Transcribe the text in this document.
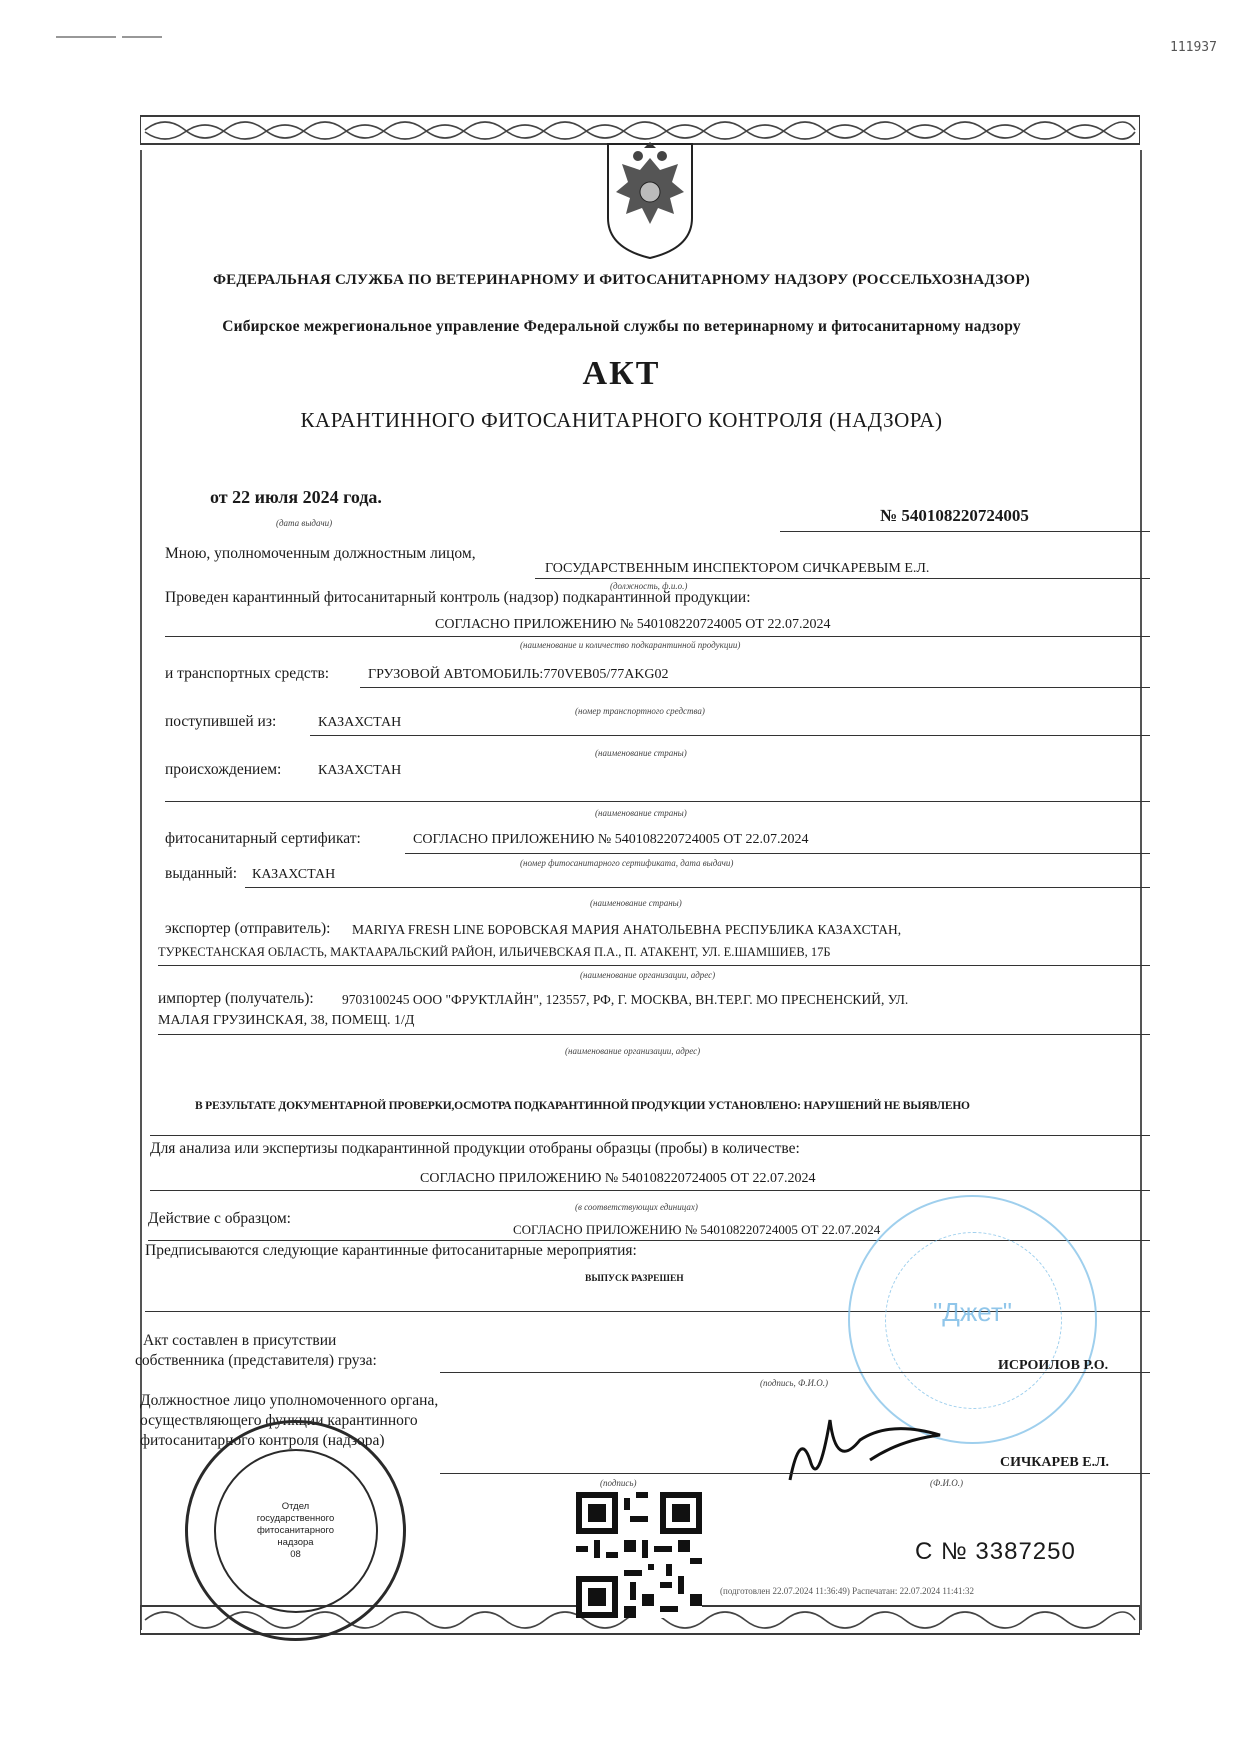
111937
ФЕДЕРАЛЬНАЯ СЛУЖБА ПО ВЕТЕРИНАРНОМУ И ФИТОСАНИТАРНОМУ НАДЗОРУ (РОССЕЛЬХОЗНАДЗОР)
Сибирское межрегиональное управление Федеральной службы по ветеринарному и фитосанитарному надзору
АКТ
КАРАНТИННОГО ФИТОСАНИТАРНОГО КОНТРОЛЯ (НАДЗОРА)
от 22 июля 2024 года.
(дата выдачи)	№ 540108220724005
Мною, уполномоченным должностным лицом,
ГОСУДАРСТВЕННЫМ ИНСПЕКТОРОМ СИЧКАРЕВЫМ Е.Л.
(должность, ф.и.о.)
Проведен карантинный фитосанитарный контроль (надзор) подкарантинной продукции:
СОГЛАСНО ПРИЛОЖЕНИЮ № 540108220724005 ОТ 22.07.2024
(наименование и количество подкарантинной продукции)
и транспортных средств:	ГРУЗОВОЙ АВТОМОБИЛЬ:770VEB05/77AKG02
(номер транспортного средства)
поступившей из:	КАЗАХСТАН
(наименование страны)
происхождением:	КАЗАХСТАН
(наименование страны)
фитосанитарный сертификат:	СОГЛАСНО ПРИЛОЖЕНИЮ № 540108220724005 ОТ 22.07.2024
(номер фитосанитарного сертификата, дата выдачи)
выданный: КАЗАХСТАН
(наименование страны)
экспортер (отправитель): MARIYA FRESH LINE БОРОВСКАЯ МАРИЯ АНАТОЛЬЕВНА РЕСПУБЛИКА КАЗАХСТАН,
ТУРКЕСТАНСКАЯ ОБЛАСТЬ, МАКТААРАЛЬСКИЙ РАЙОН, ИЛЬИЧЕВСКАЯ П.А., П. АТАКЕНТ, УЛ. Е.ШАМШИЕВ, 17Б
(наименование организации, адрес)
импортер (получатель): 9703100245 ООО "ФРУКТЛАЙН", 123557, РФ, Г. МОСКВА, ВН.ТЕР.Г. МО ПРЕСНЕНСКИЙ, УЛ.
МАЛАЯ ГРУЗИНСКАЯ, 38, ПОМЕЩ. 1/Д
(наименование организации, адрес)
В РЕЗУЛЬТАТЕ ДОКУМЕНТАРНОЙ ПРОВЕРКИ,ОСМОТРА ПОДКАРАНТИННОЙ ПРОДУКЦИИ УСТАНОВЛЕНО: НАРУШЕНИЙ НЕ ВЫЯВЛЕНО
Для анализа или экспертизы подкарантинной продукции отобраны образцы (пробы) в количестве:
СОГЛАСНО ПРИЛОЖЕНИЮ № 540108220724005 ОТ 22.07.2024
(в соответствующих единицах)
Действие с образцом:
СОГЛАСНО ПРИЛОЖЕНИЮ № 540108220724005 ОТ 22.07.2024
Предписываются следующие карантинные фитосанитарные мероприятия:
ВЫПУСК РАЗРЕШЕН
"Джет"
Акт составлен в присутствии
собственника (представителя) груза:	ИСРОИЛОВ Р.О.
(подпись, Ф.И.О.)
Должностное лицо уполномоченного органа,
осуществляющего функции карантинного
фитосанитарного контроля (надзора)
СИЧКАРЕВ Е.Л.
(подпись)	(Ф.И.О.)
Отдел
государственного
фитосанитарного
надзора
08	С № 3387250
(подготовлен 22.07.2024 11:36:49) Распечатан: 22.07.2024 11:41:32
